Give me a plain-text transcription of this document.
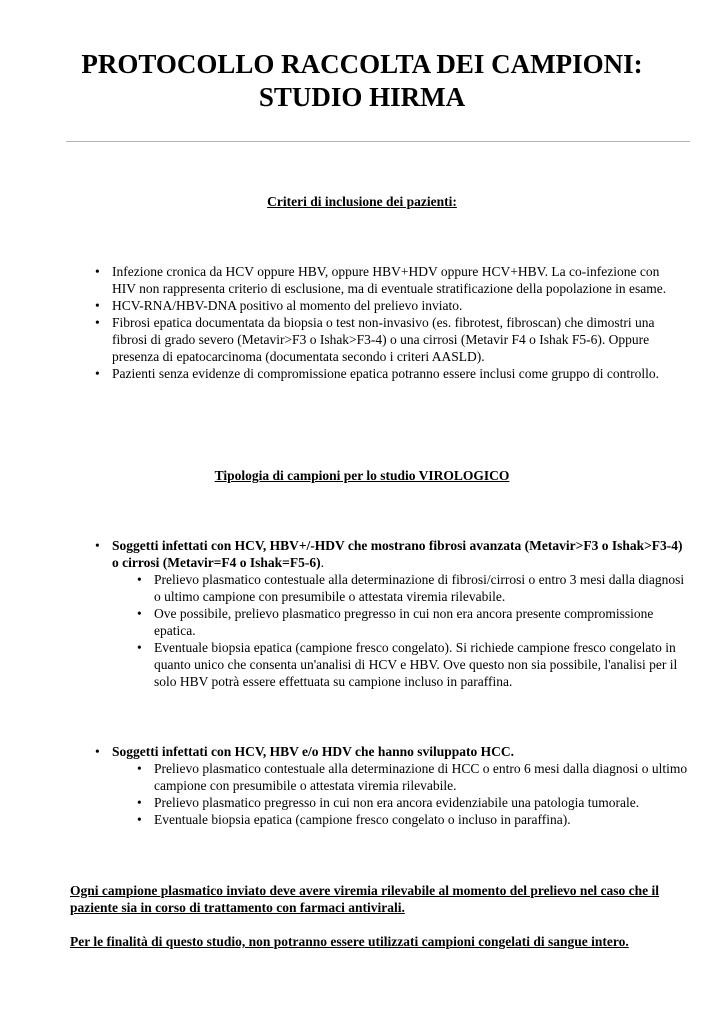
PROTOCOLLO RACCOLTA DEI CAMPIONI:
STUDIO HIRMA
Criteri di inclusione dei pazienti:
• Infezione cronica da HCV oppure HBV, oppure HBV+HDV oppure HCV+HBV. La co-infezione con HIV non rappresenta criterio di esclusione, ma di eventuale stratificazione della popolazione in esame.
• HCV-RNA/HBV-DNA positivo al momento del prelievo inviato.
• Fibrosi epatica documentata da biopsia o test non-invasivo (es. fibrotest, fibroscan) che dimostri una fibrosi di grado severo (Metavir>F3 o Ishak>F3-4) o una cirrosi (Metavir F4 o Ishak F5-6). Oppure presenza di epatocarcinoma (documentata secondo i criteri AASLD).
• Pazienti senza evidenze di compromissione epatica potranno essere inclusi come gruppo di controllo.
Tipologia di campioni per lo studio VIROLOGICO
• Soggetti infettati con HCV, HBV+/-HDV che mostrano fibrosi avanzata (Metavir>F3 o Ishak>F3-4) o cirrosi (Metavir=F4 o Ishak=F5-6).
• Prelievo plasmatico contestuale alla determinazione di fibrosi/cirrosi o entro 3 mesi dalla diagnosi o ultimo campione con presumibile o attestata viremia rilevabile.
• Ove possibile, prelievo plasmatico pregresso in cui non era ancora presente compromissione epatica.
• Eventuale biopsia epatica (campione fresco congelato). Si richiede campione fresco congelato in quanto unico che consenta un'analisi di HCV e HBV. Ove questo non sia possibile, l'analisi per il solo HBV potrà essere effettuata su campione incluso in paraffina.
• Soggetti infettati con HCV, HBV e/o HDV che hanno sviluppato HCC.
• Prelievo plasmatico contestuale alla determinazione di HCC o entro 6 mesi dalla diagnosi o ultimo campione con presumibile o attestata viremia rilevabile.
• Prelievo plasmatico pregresso in cui non era ancora evidenziabile una patologia tumorale.
• Eventuale biopsia epatica (campione fresco congelato o incluso in paraffina).

Ogni campione plasmatico inviato deve avere viremia rilevabile al momento del prelievo nel caso che il paziente sia in corso di trattamento con farmaci antivirali.

Per le finalità di questo studio, non potranno essere utilizzati campioni congelati di sangue intero.
